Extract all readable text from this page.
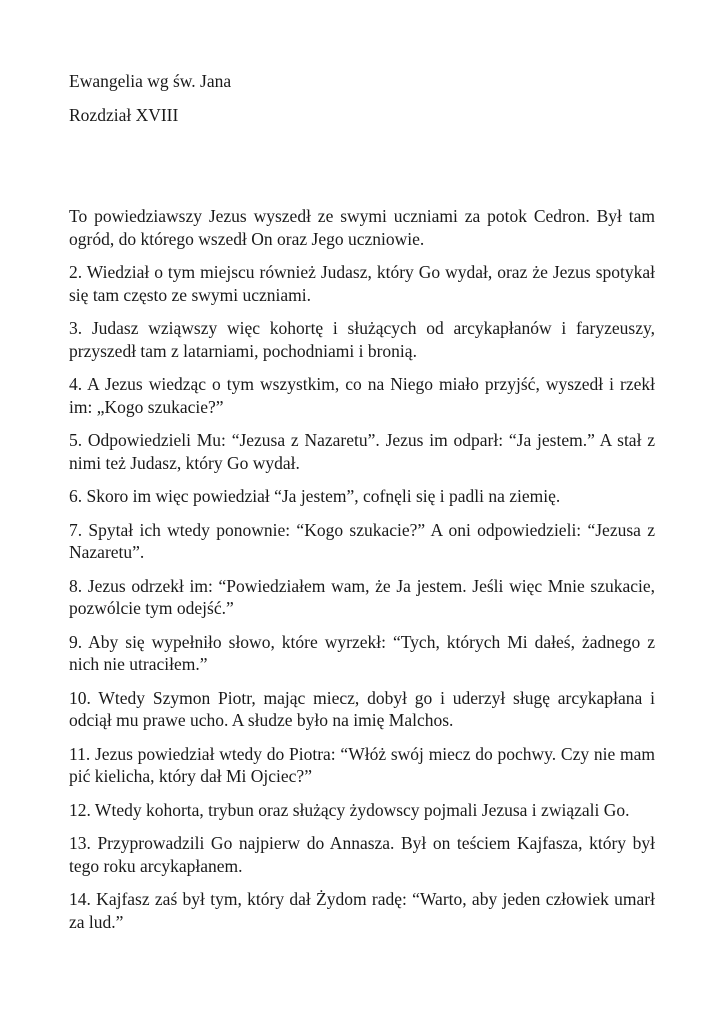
Ewangelia wg św. Jana
Rozdział XVIII

To powiedziawszy Jezus wyszedł ze swymi uczniami za potok Cedron. Był tam ogród, do którego wszedł On oraz Jego uczniowie.

2. Wiedział o tym miejscu również Judasz, który Go wydał, oraz że Jezus spotykał się tam często ze swymi uczniami.

3. Judasz wziąwszy więc kohortę i służących od arcykapłanów i faryzeuszy, przyszedł tam z latarniami, pochodniami i bronią.

4. A Jezus wiedząc o tym wszystkim, co na Niego miało przyjść, wyszedł i rzekł im: „Kogo szukacie?”

5. Odpowiedzieli Mu: “Jezusa z Nazaretu”. Jezus im odparł: “Ja jestem.” A stał z nimi też Judasz, który Go wydał.

6. Skoro im więc powiedział “Ja jestem”, cofnęli się i padli na ziemię.

7. Spytał ich wtedy ponownie: “Kogo szukacie?” A oni odpowiedzieli: “Jezusa z Nazaretu”.

8. Jezus odrzekł im: “Powiedziałem wam, że Ja jestem. Jeśli więc Mnie szukacie, pozwólcie tym odejść.”

9. Aby się wypełniło słowo, które wyrzekł: “Tych, których Mi dałeś, żadnego z nich nie utraciłem.”

10. Wtedy Szymon Piotr, mając miecz, dobył go i uderzył sługę arcykapłana i odciął mu prawe ucho. A słudze było na imię Malchos.

11. Jezus powiedział wtedy do Piotra: “Włóż swój miecz do pochwy. Czy nie mam pić kielicha, który dał Mi Ojciec?”

12. Wtedy kohorta, trybun oraz służący żydowscy pojmali Jezusa i związali Go.

13. Przyprowadzili Go najpierw do Annasza. Był on teściem Kajfasza, który był tego roku arcykapłanem.

14. Kajfasz zaś był tym, który dał Żydom radę: “Warto, aby jeden człowiek umarł za lud.”
